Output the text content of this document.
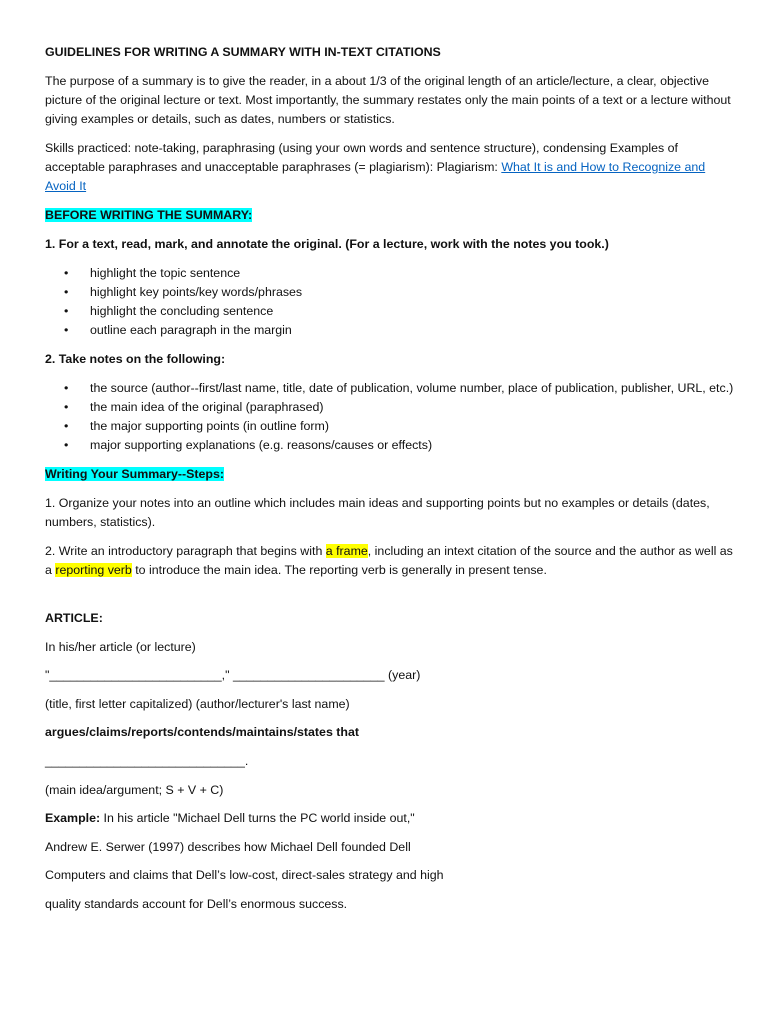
GUIDELINES FOR WRITING A SUMMARY WITH IN-TEXT CITATIONS

The purpose of a summary is to give the reader, in a about 1/3 of the original length of an article/lecture, a clear, objective picture of the original lecture or text. Most importantly, the summary restates only the main points of a text or a lecture without giving examples or details, such as dates, numbers or statistics.

Skills practiced: note-taking, paraphrasing (using your own words and sentence structure), condensing Examples of acceptable paraphrases and unacceptable paraphrases (= plagiarism): Plagiarism: What It is and How to Recognize and Avoid It

BEFORE WRITING THE SUMMARY:

1. For a text, read, mark, and annotate the original. (For a lecture, work with the notes you took.)

• highlight the topic sentence
• highlight key points/key words/phrases
• highlight the concluding sentence
• outline each paragraph in the margin

2. Take notes on the following:

• the source (author--first/last name, title, date of publication, volume number, place of publication, publisher, URL, etc.)
• the main idea of the original (paraphrased)
• the major supporting points (in outline form)
• major supporting explanations (e.g. reasons/causes or effects)

Writing Your Summary--Steps:

1. Organize your notes into an outline which includes main ideas and supporting points but no examples or details (dates, numbers, statistics).

2. Write an introductory paragraph that begins with a frame, including an intext citation of the source and the author as well as a reporting verb to introduce the main idea. The reporting verb is generally in present tense.

ARTICLE:

In his/her article (or lecture)

"_________________________," ______________________ (year)

(title, first letter capitalized) (author/lecturer's last name)

argues/claims/reports/contends/maintains/states that

_____________________________.

(main idea/argument; S + V + C)

Example: In his article "Michael Dell turns the PC world inside out,"

Andrew E. Serwer (1997) describes how Michael Dell founded Dell

Computers and claims that Dell’s low-cost, direct-sales strategy and high

quality standards account for Dell’s enormous success.
